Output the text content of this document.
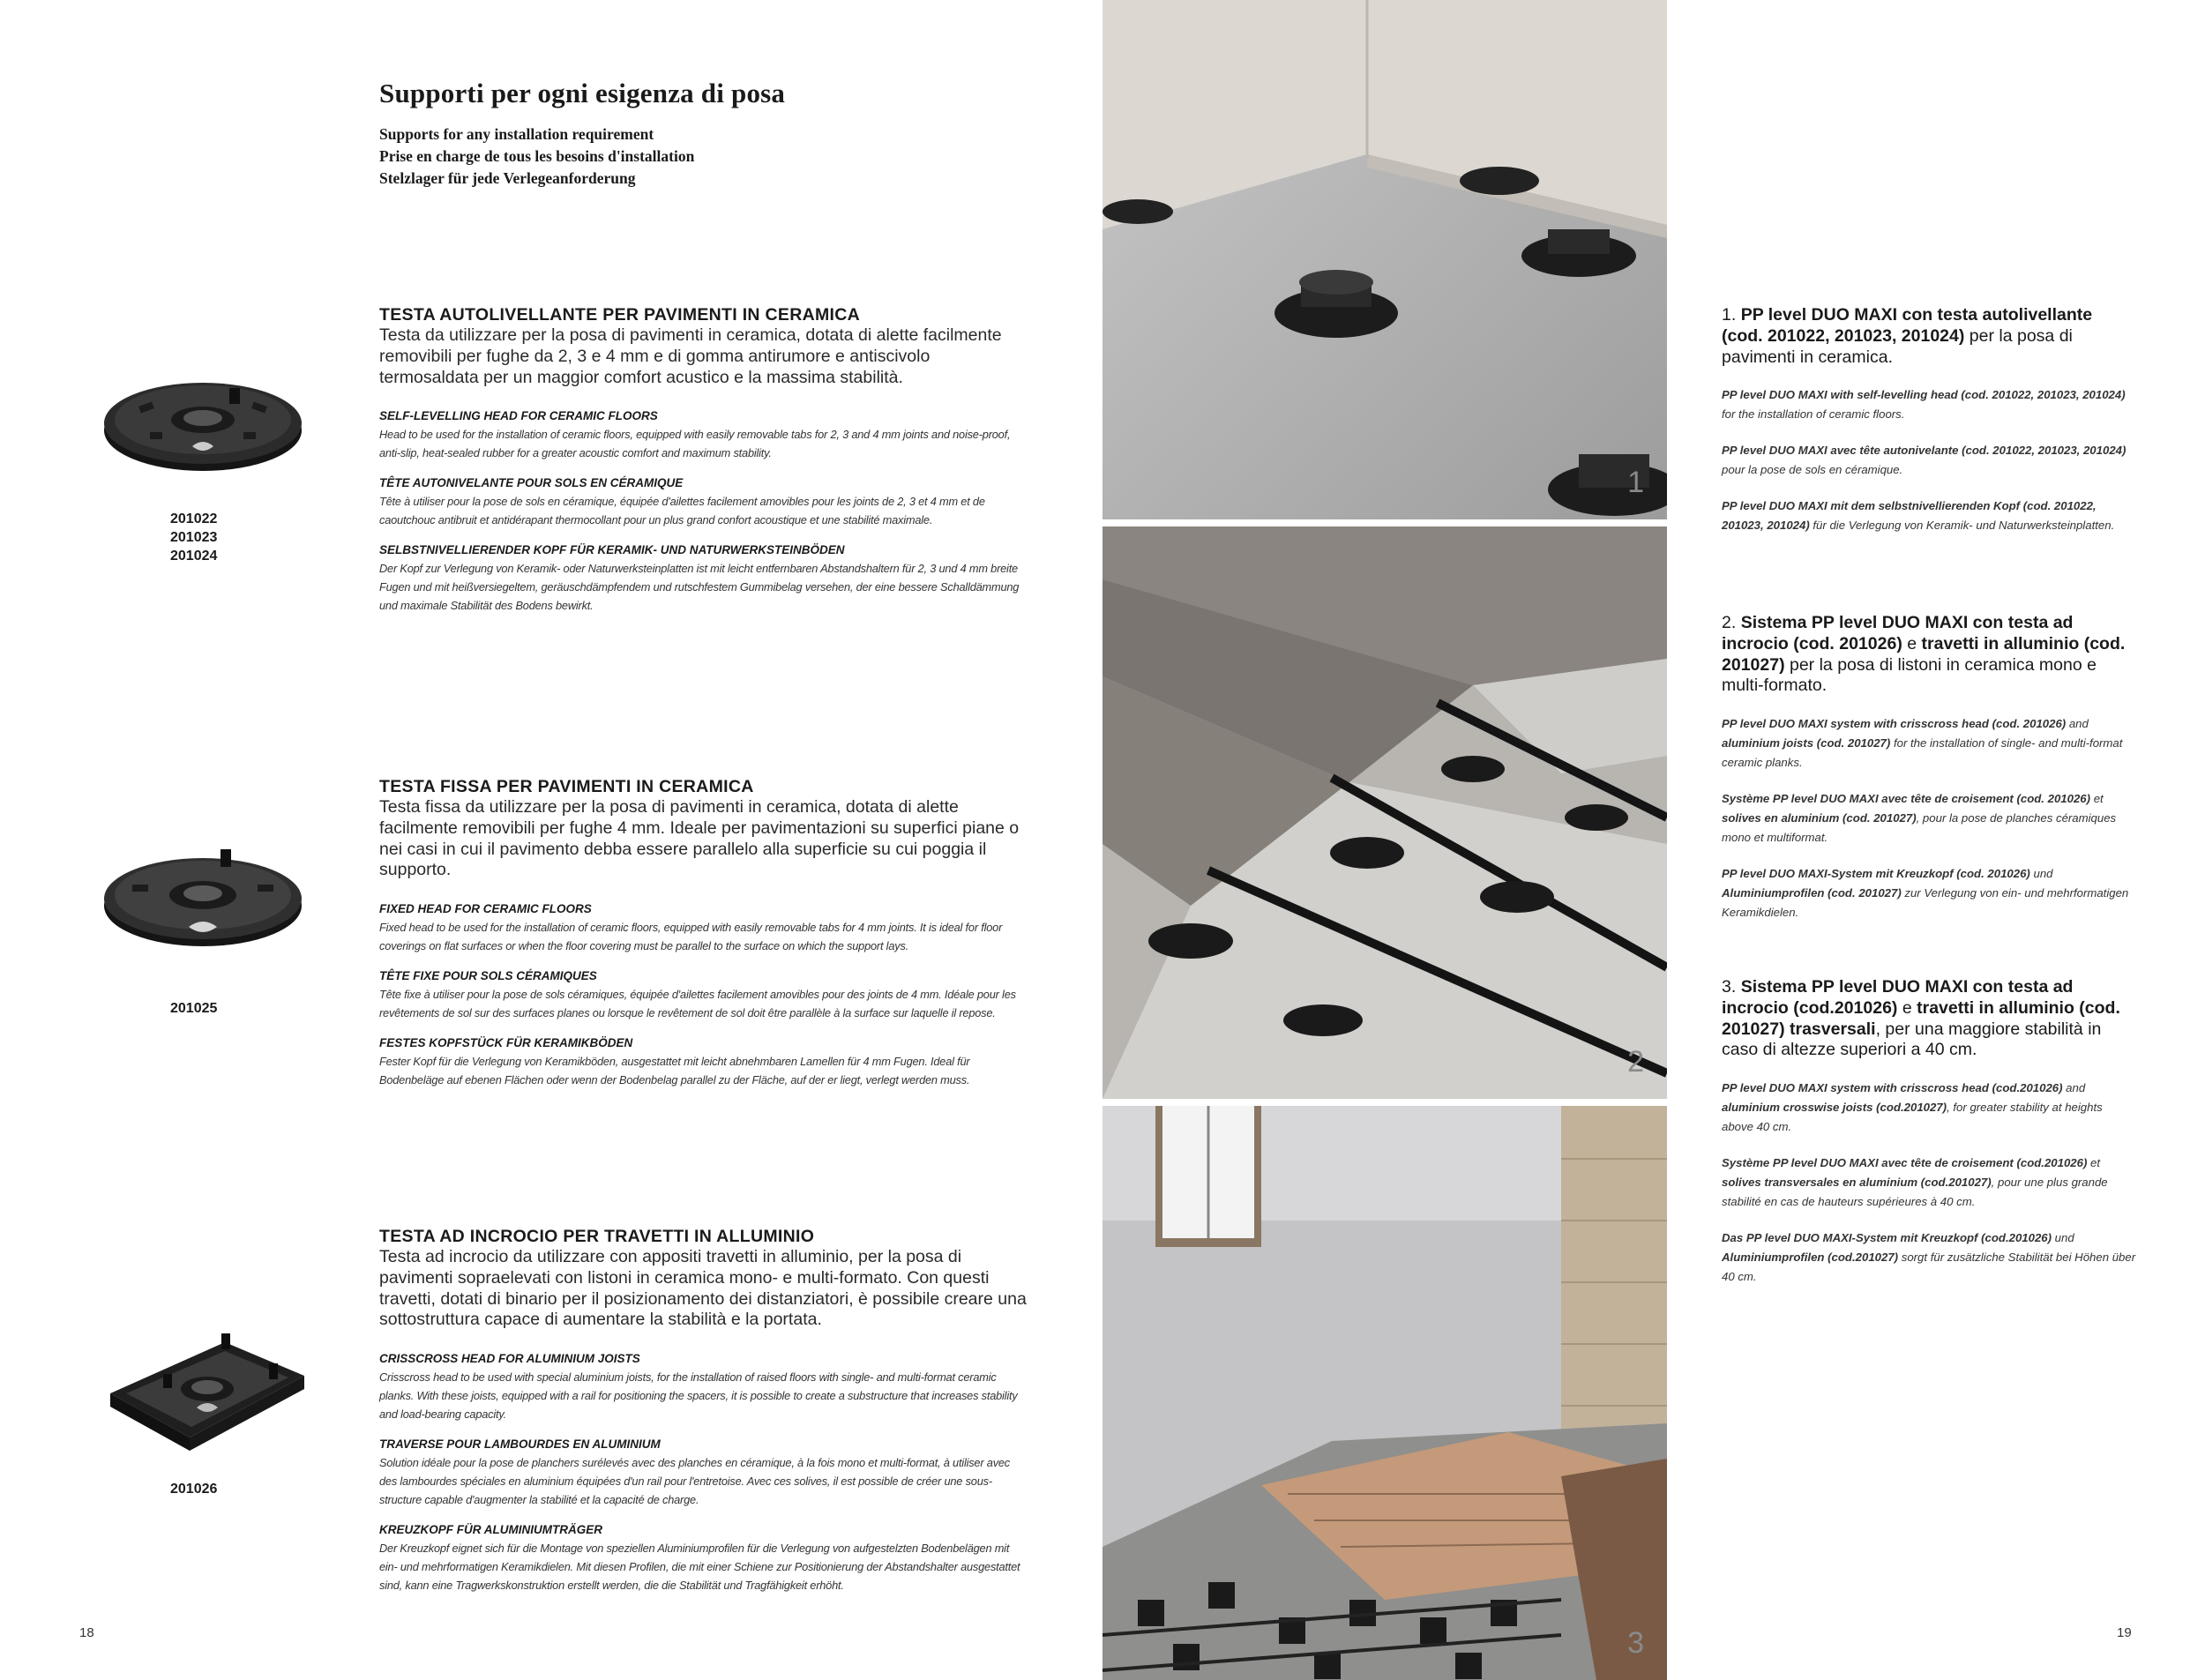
Supporti per ogni esigenza di posa
Supports for any installation requirement
Prise en charge de tous les besoins d'installation
Stelzlager für jede Verlegeanforderung
201022
201023
201024

TESTA AUTOLIVELLANTE PER PAVIMENTI IN CERAMICA

Testa da utilizzare per la posa di pavimenti in ceramica, dotata di alette facilmente removibili per fughe da 2, 3 e 4 mm e di gomma antirumore e antiscivolo termosaldata per un maggior comfort acustico e la massima stabilità.

SELF-LEVELLING HEAD FOR CERAMIC FLOORS

Head to be used for the installation of ceramic floors, equipped with easily removable tabs for 2, 3 and 4 mm joints and noise-proof, anti-slip, heat-sealed rubber for a greater acoustic comfort and maximum stability.

TÊTE AUTONIVELANTE POUR SOLS EN CÉRAMIQUE

Tête à utiliser pour la pose de sols en céramique, équipée d'ailettes facilement amovibles pour les joints de 2, 3 et 4 mm et de caoutchouc antibruit et antidérapant thermocollant pour un plus grand confort acoustique et une stabilité maximale.

SELBSTNIVELLIERENDER KOPF FÜR KERAMIK- UND NATURWERKSTEINBÖDEN

Der Kopf zur Verlegung von Keramik- oder Naturwerksteinplatten ist mit leicht entfernbaren Abstandshaltern für 2, 3 und 4 mm breite Fugen und mit heißversiegeltem, geräuschdämpfendem und rutschfestem Gummibelag versehen, der eine bessere Schalldämmung und maximale Stabilität des Bodens bewirkt.

201025

TESTA FISSA PER PAVIMENTI IN CERAMICA

Testa fissa da utilizzare per la posa di pavimenti in ceramica, dotata di alette facilmente removibili per fughe 4 mm. Ideale per pavimentazioni su superfici piane o nei casi in cui il pavimento debba essere parallelo alla superficie su cui poggia il supporto.

FIXED HEAD FOR CERAMIC FLOORS

Fixed head to be used for the installation of ceramic floors, equipped with easily removable tabs for 4 mm joints. It is ideal for floor coverings on flat surfaces or when the floor covering must be parallel to the surface on which the support lays.

TÊTE FIXE POUR SOLS CÉRAMIQUES

Tête fixe à utiliser pour la pose de sols céramiques, équipée d'ailettes facilement amovibles pour des joints de 4 mm. Idéale pour les revêtements de sol sur des surfaces planes ou lorsque le revêtement de sol doit être parallèle à la surface sur laquelle il repose.

FESTES KOPFSTÜCK FÜR KERAMIKBÖDEN

Fester Kopf für die Verlegung von Keramikböden, ausgestattet mit leicht abnehmbaren Lamellen für 4 mm Fugen. Ideal für Bodenbeläge auf ebenen Flächen oder wenn der Bodenbelag parallel zu der Fläche, auf der er liegt, verlegt werden muss.

201026

TESTA AD INCROCIO PER TRAVETTI IN ALLUMINIO

Testa ad incrocio da utilizzare con appositi travetti in alluminio, per la posa di pavimenti sopraelevati con listoni in ceramica mono- e multi-formato. Con questi travetti, dotati di binario per il posizionamento dei distanziatori, è possibile creare una sottostruttura capace di aumentare la stabilità e la portata.

CRISSCROSS HEAD FOR ALUMINIUM JOISTS

Crisscross head to be used with special aluminium joists, for the installation of raised floors with single- and multi-format ceramic planks. With these joists, equipped with a rail for positioning the spacers, it is possible to create a substructure that increases stability and load-bearing capacity.

TRAVERSE POUR LAMBOURDES EN ALUMINIUM

Solution idéale pour la pose de planchers surélevés avec des planches en céramique, à la fois mono et multi-format, à utiliser avec des lambourdes spéciales en aluminium équipées d'un rail pour l'entretoise. Avec ces solives, il est possible de créer une sous-structure capable d'augmenter la stabilité et la capacité de charge.

KREUZKOPF FÜR ALUMINIUMTRÄGER

Der Kreuzkopf eignet sich für die Montage von speziellen Aluminiumprofilen für die Verlegung von aufgestelzten Bodenbelägen mit ein- und mehrformatigen Keramikdielen. Mit diesen Profilen, die mit einer Schiene zur Positionierung der Abstandshalter ausgestattet sind, kann eine Tragwerkskonstruktion erstellt werden, die die Stabilität und Tragfähigkeit erhöht.

18
1
2
3

1. PP level DUO MAXI con testa autolivellante (cod. 201022, 201023, 201024) per la posa di pavimenti in ceramica.

PP level DUO MAXI with self-levelling head (cod. 201022, 201023, 201024) for the installation of ceramic floors.

PP level DUO MAXI avec tête autonivelante (cod. 201022, 201023, 201024) pour la pose de sols en céramique.

PP level DUO MAXI mit dem selbstnivellierenden Kopf (cod. 201022, 201023, 201024) für die Verlegung von Keramik- und Naturwerksteinplatten.

2. Sistema PP level DUO MAXI con testa ad incrocio (cod. 201026) e travetti in alluminio (cod. 201027) per la posa di listoni in ceramica mono e multi-formato.

PP level DUO MAXI system with crisscross head (cod. 201026) and aluminium joists (cod. 201027) for the installation of single- and multi-format ceramic planks.

Système PP level DUO MAXI avec tête de croisement (cod. 201026) et solives en aluminium (cod. 201027), pour la pose de planches céramiques mono et multiformat.

PP level DUO MAXI-System mit Kreuzkopf (cod. 201026) und Aluminiumprofilen (cod. 201027) zur Verlegung von ein- und mehrformatigen Keramikdielen.

3. Sistema PP level DUO MAXI con testa ad incrocio (cod.201026) e travetti in alluminio (cod. 201027) trasversali, per una maggiore stabilità in caso di altezze superiori a 40 cm.

PP level DUO MAXI system with crisscross head (cod.201026) and aluminium crosswise joists (cod.201027), for greater stability at heights above 40 cm.

Système PP level DUO MAXI avec tête de croisement (cod.201026) et solives transversales en aluminium (cod.201027), pour une plus grande stabilité en cas de hauteurs supérieures à 40 cm.

Das PP level DUO MAXI-System mit Kreuzkopf (cod.201026) und Aluminiumprofilen (cod.201027) sorgt für zusätzliche Stabilität bei Höhen über 40 cm.

19
